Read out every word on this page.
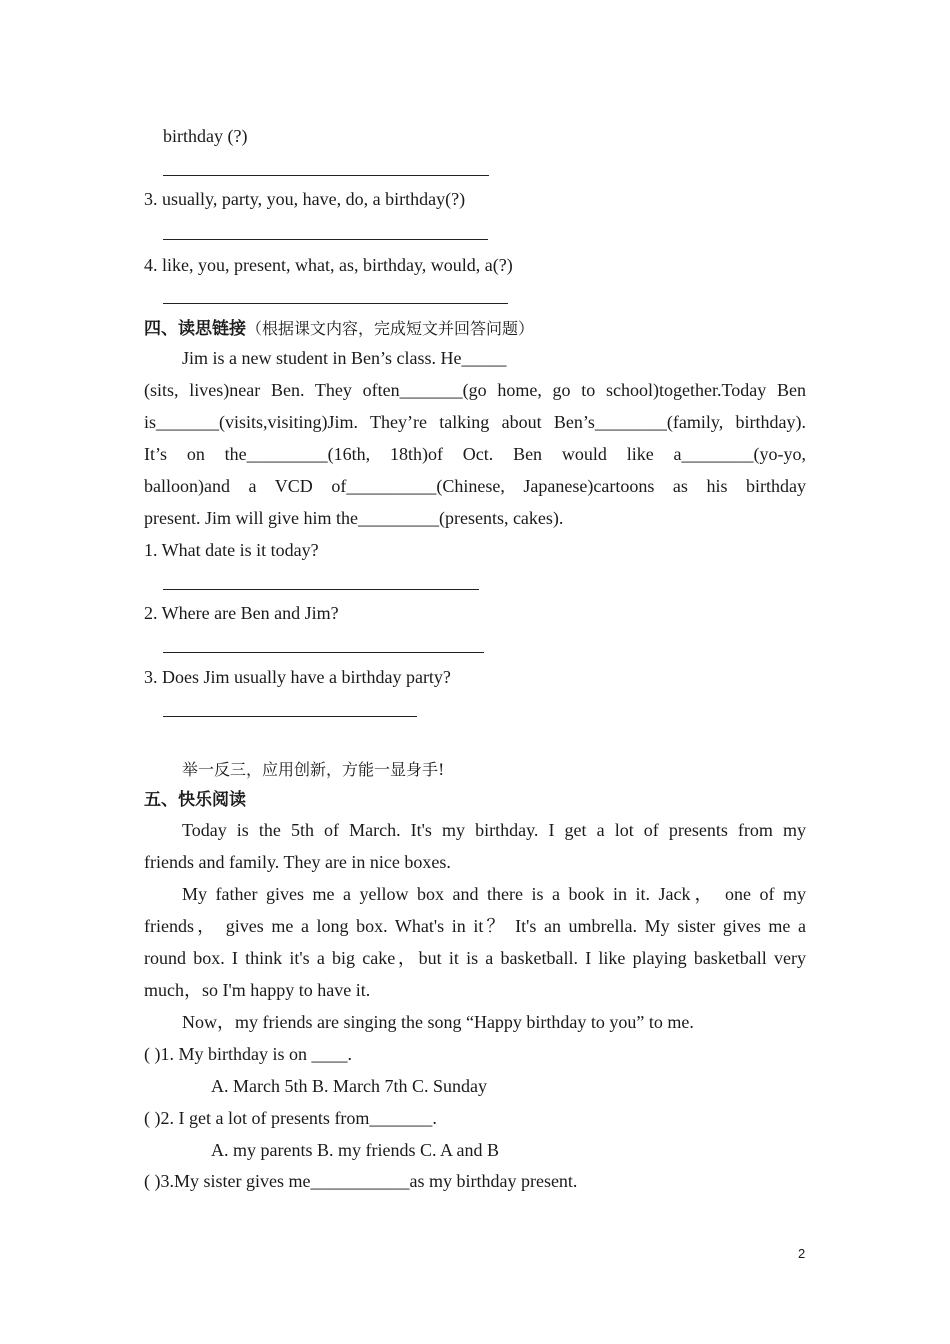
birthday (?)
3. usually, party, you, have, do, a birthday(?)
4. like, you, present, what, as, birthday, would, a(?)
四、读思链接（根据课文内容，完成短文并回答问题）
Jim is a new student in Ben’s class. He_____
(sits, lives)near Ben. They often_______(go home, go to school)together.Today Ben
is_______(visits,visiting)Jim. They’re talking about Ben’s________(family, birthday).
It’s on the_________(16th, 18th)of Oct. Ben would like a________(yo-yo,
balloon)and a VCD of__________(Chinese, Japanese)cartoons as his birthday
present. Jim will give him the_________(presents, cakes).
1. What date is it today?
2. Where are Ben and Jim?
3. Does Jim usually have a birthday party?
举一反三，应用创新，方能一显身手!
五、快乐阅读
Today is the 5th of March. It's my birthday. I get a lot of presents from my
friends and family. They are in nice boxes.
My father gives me a yellow box and there is a book in it. Jack， one of my
friends， gives me a long box. What's in it？ It's an umbrella. My sister gives me a
round box. I think it's a big cake，but it is a basketball. I like playing basketball very
much，so I'm happy to have it.
Now，my friends are singing the song “Happy birthday to you” to me.
( )1. My birthday is on ____.
A. March 5th B. March 7th C. Sunday
( )2. I get a lot of presents from_______.
A. my parents B. my friends C. A and B
( )3.My sister gives me___________as my birthday present.
2
